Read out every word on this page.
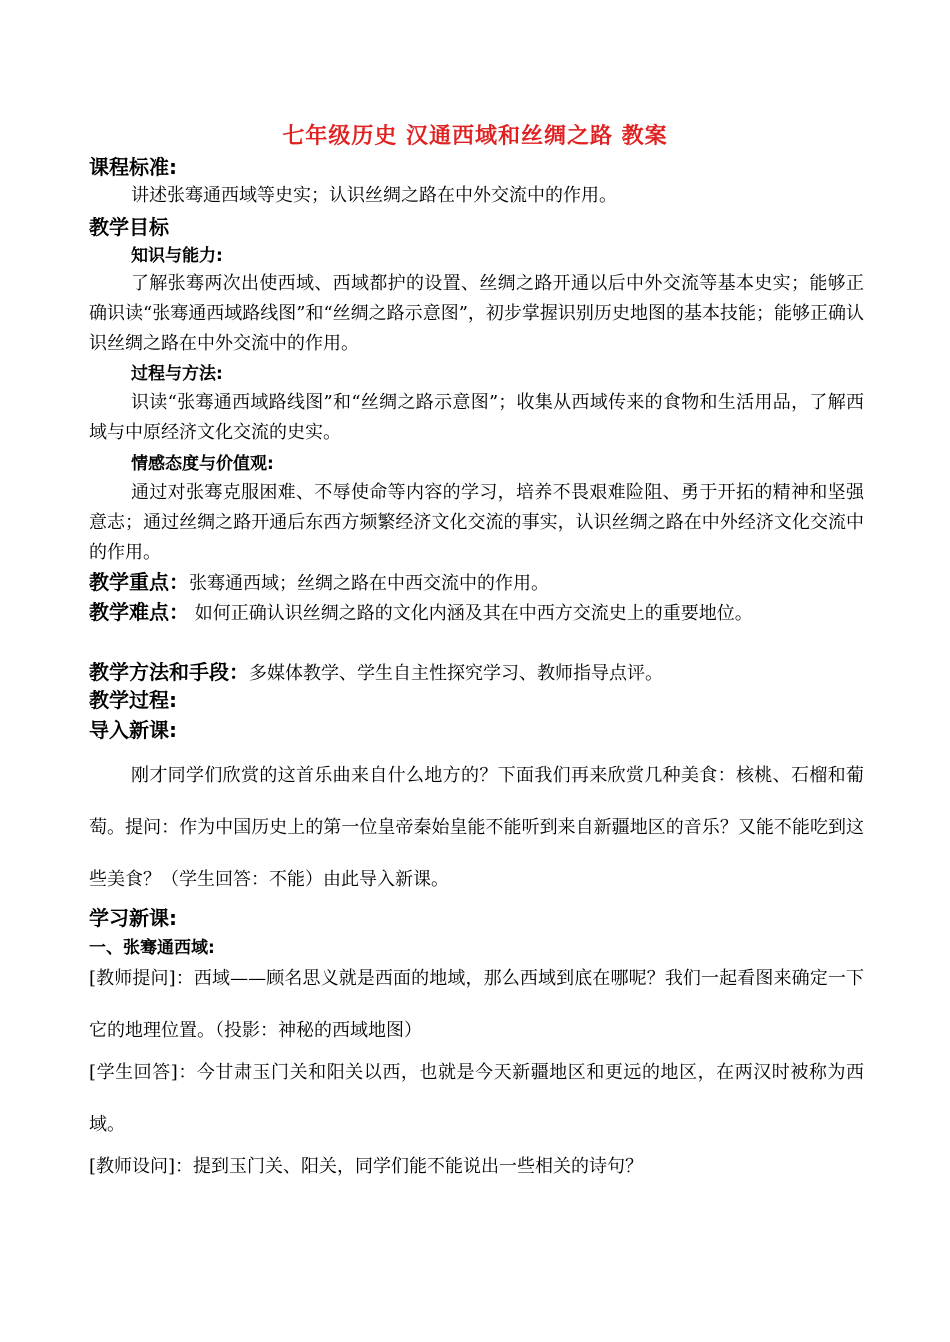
七年级历史 汉通西域和丝绸之路 教案
课程标准:
讲述张骞通西域等史实；认识丝绸之路在中外交流中的作用。
教学目标
知识与能力:
了解张骞两次出使西域、西域都护的设置、丝绸之路开通以后中外交流等基本史实；能够正确识读“张骞通西域路线图”和“丝绸之路示意图”，初步掌握识别历史地图的基本技能；能够正确认识丝绸之路在中外交流中的作用。
过程与方法:
识读“张骞通西域路线图”和“丝绸之路示意图”；收集从西域传来的食物和生活用品，了解西域与中原经济文化交流的史实。
情感态度与价值观:
通过对张骞克服困难、不辱使命等内容的学习，培养不畏艰难险阻、勇于开拓的精神和坚强意志；通过丝绸之路开通后东西方频繁经济文化交流的事实，认识丝绸之路在中外经济文化交流中的作用。
教学重点：张骞通西域；丝绸之路在中西交流中的作用。
教学难点： 如何正确认识丝绸之路的文化内涵及其在中西方交流史上的重要地位。
教学方法和手段：多媒体教学、学生自主性探究学习、教师指导点评。
教学过程:
导入新课:
刚才同学们欣赏的这首乐曲来自什么地方的？下面我们再来欣赏几种美食：核桃、石榴和葡萄。提问：作为中国历史上的第一位皇帝秦始皇能不能听到来自新疆地区的音乐？又能不能吃到这些美食？（学生回答：不能）由此导入新课。
学习新课:
一、张骞通西域:
[教师提问]：西域——顾名思义就是西面的地域，那么西域到底在哪呢？我们一起看图来确定一下它的地理位置。（投影：神秘的西域地图）
[学生回答]：今甘肃玉门关和阳关以西，也就是今天新疆地区和更远的地区，在两汉时被称为西域。
[教师设问]：提到玉门关、阳关，同学们能不能说出一些相关的诗句？
